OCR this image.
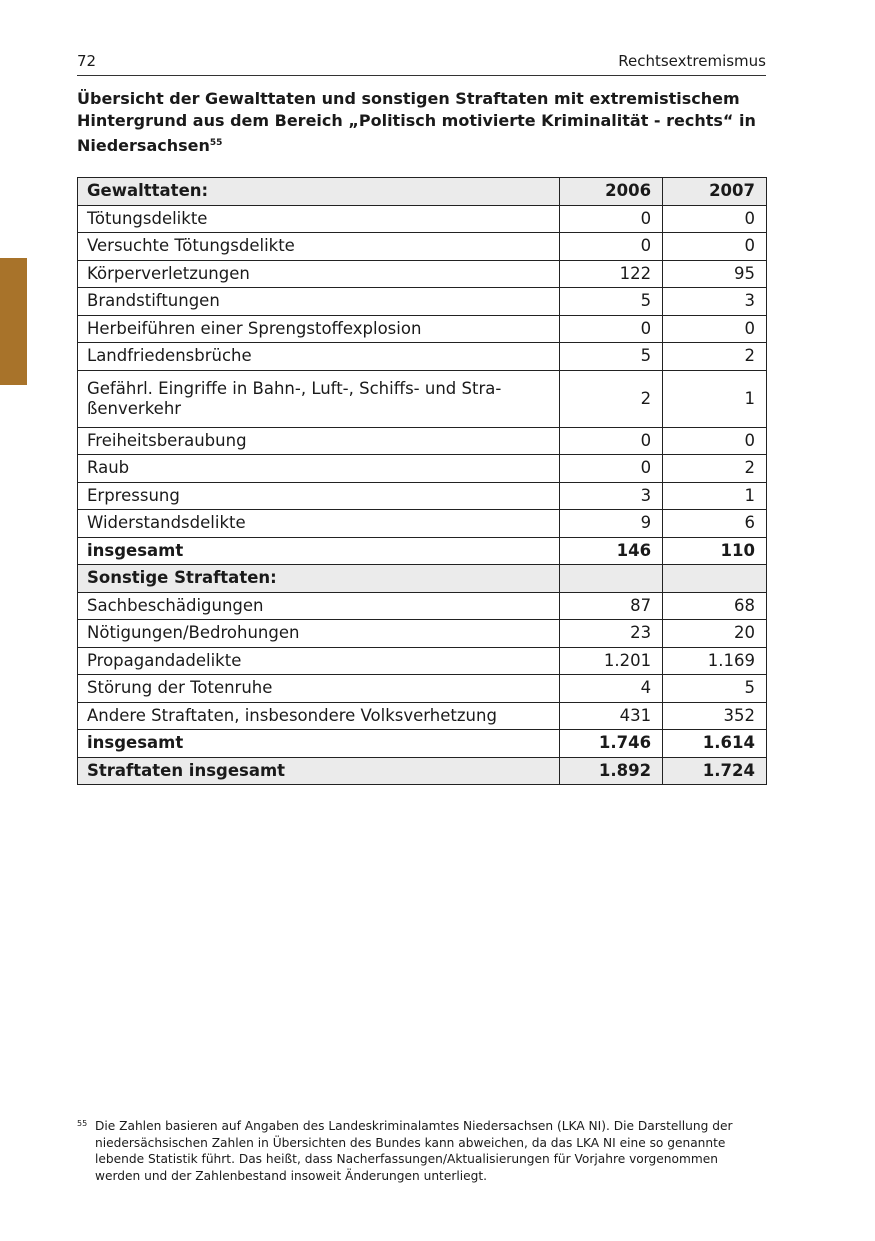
72	Rechtsextremismus
Übersicht der Gewalttaten und sonstigen Straftaten mit extremistischem Hintergrund aus dem Bereich „Politisch motivierte Kriminalität - rechts“ in Niedersachsen$^{55}$
Gewalttaten:	2006	2007
Tötungsdelikte	0	0
Versuchte Tötungsdelikte	0	0
Körperverletzungen	122	95
Brandstiftungen	5	3
Herbeiführen einer Sprengstoffexplosion	0	0
Landfriedensbrüche	5	2
Gefährl. Eingriffe in Bahn-, Luft-, Schiffs- und Straßenverkehr	2	1
Freiheitsberaubung	0	0
Raub	0	2
Erpressung	3	1
Widerstandsdelikte	9	6
insgesamt	146	110
Sonstige Straftaten:		
Sachbeschädigungen	87	68
Nötigungen/Bedrohungen	23	20
Propagandadelikte	1.201	1.169
Störung der Totenruhe	4	5
Andere Straftaten, insbesondere Volksverhetzung	431	352
insgesamt	1.746	1.614
Straftaten insgesamt	1.892	1.724
55 Die Zahlen basieren auf Angaben des Landeskriminalamtes Niedersachsen (LKA NI). Die Darstellung der niedersächsischen Zahlen in Übersichten des Bundes kann abweichen, da das LKA NI eine so genannte lebende Statistik führt. Das heißt, dass Nacherfassungen/Aktualisierungen für Vorjahre vorgenommen werden und der Zahlenbestand insoweit Änderungen unterliegt.
